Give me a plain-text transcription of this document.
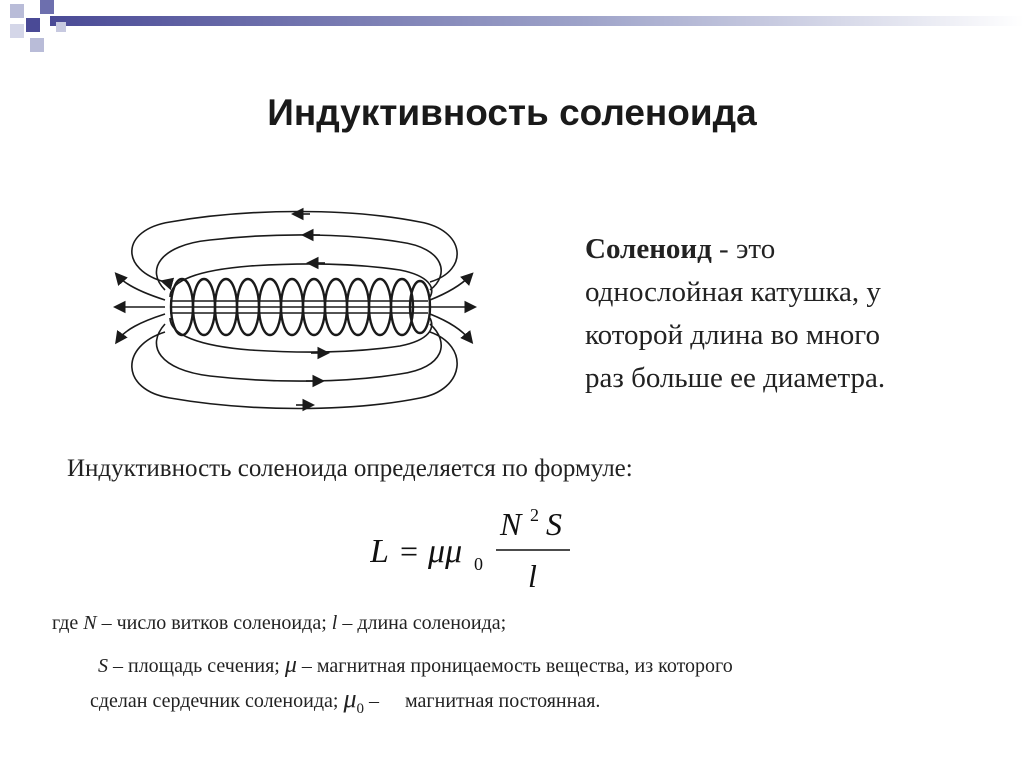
Индуктивность соленоида
Соленоид - это
однослойная катушка, у
которой длина во много
раз больше ее диаметра.
Индуктивность соленоида определяется по формуле:
L = μμ 0
N 2 S
l
где N – число витков соленоида; l – длина соленоида;
S – площадь сечения; μ – магнитная проницаемость вещества, из которого
сделан сердечник соленоида; $\mu_0$ – магнитная постоянная.
